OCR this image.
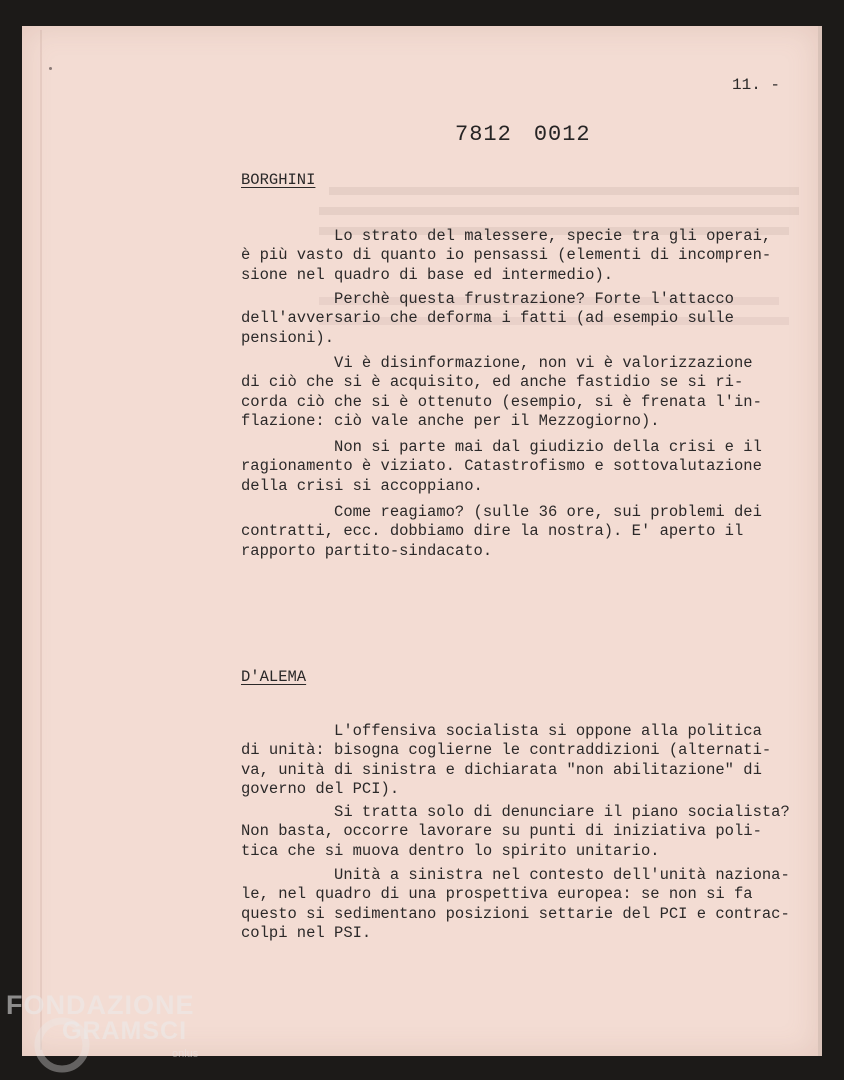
11. -
7812 0012
BORGHINI
Lo strato del malessere, specie tra gli operai,
è più vasto di quanto io pensassi (elementi di incompren-
sione nel quadro di base ed intermedio).
Perchè questa frustrazione? Forte l'attacco
dell'avversario che deforma i fatti (ad esempio sulle
pensioni).
Vi è disinformazione, non vi è valorizzazione
di ciò che si è acquisito, ed anche fastidio se si ri-
corda ciò che si è ottenuto (esempio, si è frenata l'in-
flazione: ciò vale anche per il Mezzogiorno).
Non si parte mai dal giudizio della crisi e il
ragionamento è viziato. Catastrofismo e sottovalutazione
della crisi si accoppiano.
Come reagiamo? (sulle 36 ore, sui problemi dei
contratti, ecc. dobbiamo dire la nostra). E' aperto il
rapporto partito-sindacato.
D'ALEMA
L'offensiva socialista si oppone alla politica
di unità: bisogna coglierne le contraddizioni (alternati-
va, unità di sinistra e dichiarata "non abilitazione" di
governo del PCI).
Si tratta solo di denunciare il piano socialista?
Non basta, occorre lavorare su punti di iniziativa poli-
tica che si muova dentro lo spirito unitario.
Unità a sinistra nel contesto dell'unità naziona-
le, nel quadro di una prospettiva europea: se non si fa
questo si sedimentano posizioni settarie del PCI e contrac-
colpi nel PSI.
FONDAZIONE
GRAMSCI
onlus
